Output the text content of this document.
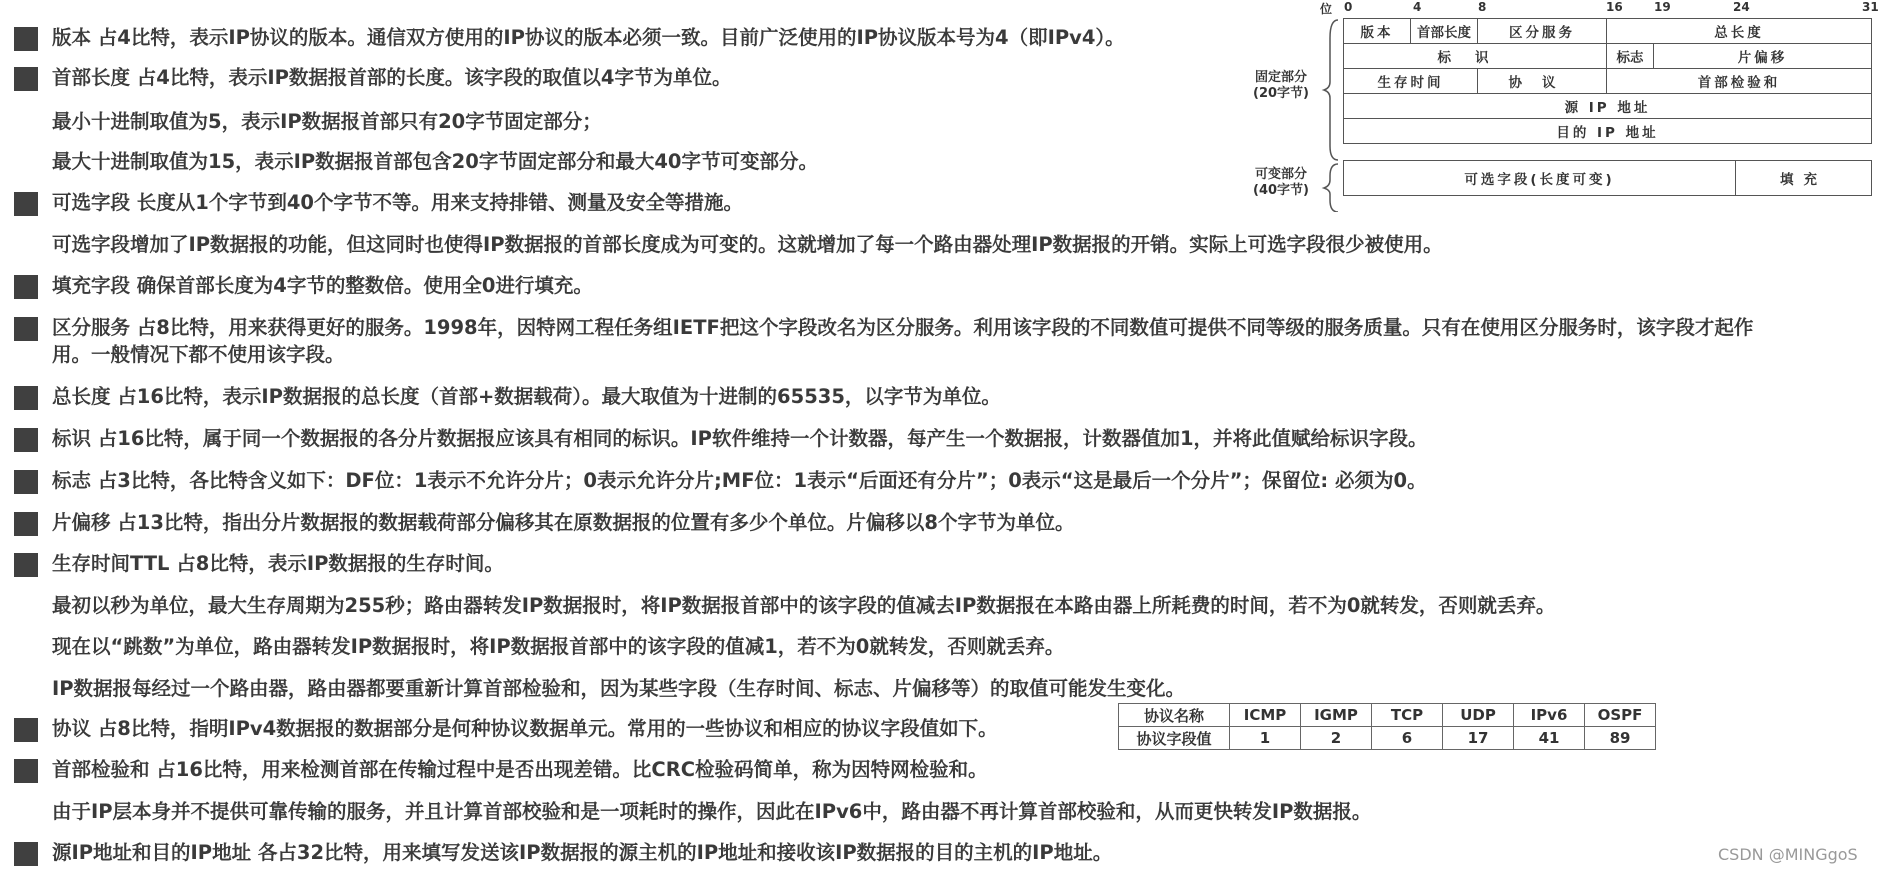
版本 占4比特，表示IP协议的版本。通信双方使用的IP协议的版本必须一致。目前广泛使用的IP协议版本号为4（即IPv4）。
首部长度 占4比特，表示IP数据报首部的长度。该字段的取值以4字节为单位。
最小十进制取值为5，表示IP数据报首部只有20字节固定部分；
最大十进制取值为15，表示IP数据报首部包含20字节固定部分和最大40字节可变部分。
可选字段 长度从1个字节到40个字节不等。用来支持排错、测量及安全等措施。
可选字段增加了IP数据报的功能，但这同时也使得IP数据报的首部长度成为可变的。这就增加了每一个路由器处理IP数据报的开销。实际上可选字段很少被使用。
填充字段 确保首部长度为4字节的整数倍。使用全0进行填充。
区分服务 占8比特，用来获得更好的服务。1998年，因特网工程任务组IETF把这个字段改名为区分服务。利用该字段的不同数值可提供不同等级的服务质量。只有在使用区分服务时，该字段才起作用。一般情况下都不使用该字段。
总长度 占16比特，表示IP数据报的总长度（首部+数据载荷）。最大取值为十进制的65535，以字节为单位。
标识 占16比特，属于同一个数据报的各分片数据报应该具有相同的标识。IP软件维持一个计数器，每产生一个数据报，计数器值加1，并将此值赋给标识字段。
标志 占3比特，各比特含义如下：DF位：1表示不允许分片；0表示允许分片;MF位：1表示“后面还有分片”；0表示“这是最后一个分片”；保留位: 必须为0。
片偏移 占13比特，指出分片数据报的数据载荷部分偏移其在原数据报的位置有多少个单位。片偏移以8个字节为单位。
生存时间TTL 占8比特，表示IP数据报的生存时间。
最初以秒为单位，最大生存周期为255秒；路由器转发IP数据报时，将IP数据报首部中的该字段的值减去IP数据报在本路由器上所耗费的时间，若不为0就转发，否则就丢弃。
现在以“跳数”为单位，路由器转发IP数据报时，将IP数据报首部中的该字段的值减1，若不为0就转发，否则就丢弃。
IP数据报每经过一个路由器，路由器都要重新计算首部检验和，因为某些字段（生存时间、标志、片偏移等）的取值可能发生变化。
协议 占8比特，指明IPv4数据报的数据部分是何种协议数据单元。常用的一些协议和相应的协议字段值如下。
首部检验和 占16比特，用来检测首部在传输过程中是否出现差错。比CRC检验码简单，称为因特网检验和。
由于IP层本身并不提供可靠传输的服务，并且计算首部校验和是一项耗时的操作，因此在IPv6中，路由器不再计算首部校验和，从而更快转发IP数据报。
源IP地址和目的IP地址 各占32比特，用来填写发送该IP数据报的源主机的IP地址和接收该IP数据报的目的主机的IP地址。
位 0	4	8	16	19	24	31
固定部分
(20字节)
可变部分
(40字节)
版本	首部长度	区分服务	总长度
标识	标志	片偏移
生存时间	协议	首部检验和
源 IP 地址
目的 IP 地址
可选字段(长度可变)	填充
协议名称	ICMP	IGMP	TCP	UDP	IPv6	OSPF
协议字段值	1	2	6	17	41	89
CSDN @MINGgoS
